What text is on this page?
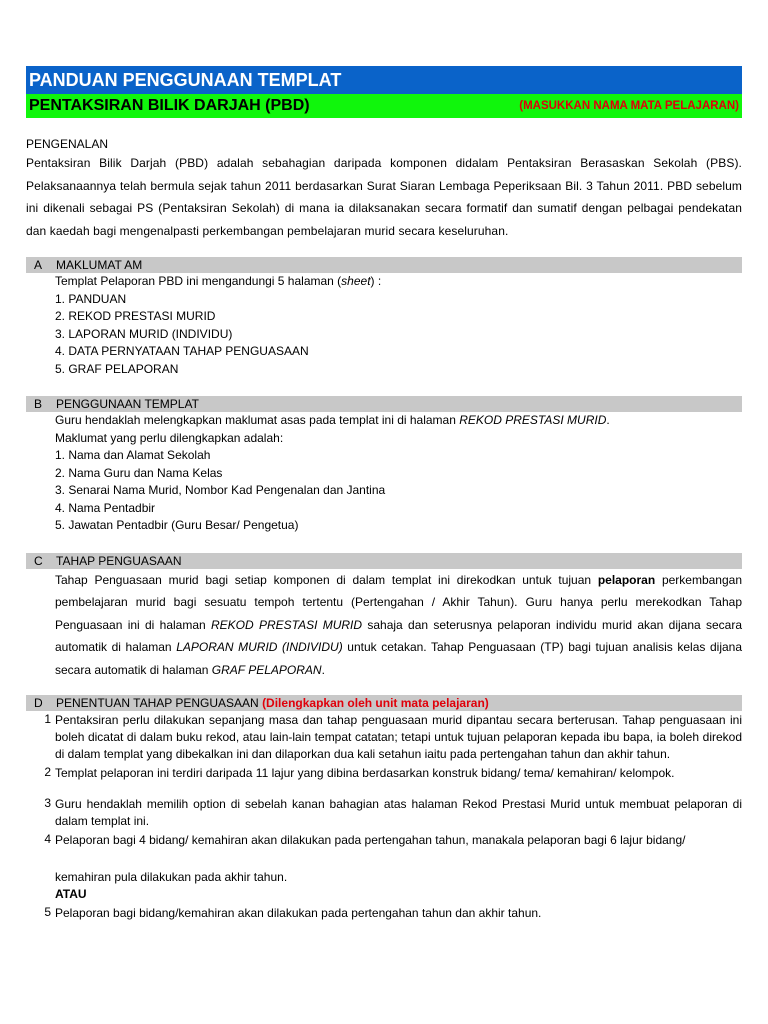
PANDUAN PENGGUNAAN TEMPLAT
PENTAKSIRAN BILIK DARJAH (PBD)	(MASUKKAN NAMA MATA PELAJARAN)
PENGENALAN

Pentaksiran Bilik Darjah (PBD) adalah sebahagian daripada komponen didalam Pentaksiran Berasaskan Sekolah (PBS).

Pelaksanaannya telah bermula sejak tahun 2011 berdasarkan Surat Siaran Lembaga Peperiksaan Bil. 3 Tahun 2011. PBD sebelum

ini dikenali sebagai PS (Pentaksiran Sekolah) di mana ia dilaksanakan secara formatif dan sumatif dengan pelbagai pendekatan

dan kaedah bagi mengenalpasti perkembangan pembelajaran murid secara keseluruhan.

A MAKLUMAT AM
Templat Pelaporan PBD ini mengandungi 5 halaman (sheet) :
1. PANDUAN
2. REKOD PRESTASI MURID
3. LAPORAN MURID (INDIVIDU)
4. DATA PERNYATAAN TAHAP PENGUASAAN
5. GRAF PELAPORAN
B PENGGUNAAN TEMPLAT
Guru hendaklah melengkapkan maklumat asas pada templat ini di halaman REKOD PRESTASI MURID.
Maklumat yang perlu dilengkapkan adalah:
1. Nama dan Alamat Sekolah
2. Nama Guru dan Nama Kelas
3. Senarai Nama Murid, Nombor Kad Pengenalan dan Jantina
4. Nama Pentadbir
5. Jawatan Pentadbir (Guru Besar/ Pengetua)
C TAHAP PENGUASAAN

Tahap Penguasaan murid bagi setiap komponen di dalam templat ini direkodkan untuk tujuan pelaporan perkembangan

pembelajaran murid bagi sesuatu tempoh tertentu (Pertengahan / Akhir Tahun). Guru hanya perlu merekodkan Tahap

Penguasaan ini di halaman REKOD PRESTASI MURID sahaja dan seterusnya pelaporan individu murid akan dijana secara

automatik di halaman LAPORAN MURID (INDIVIDU) untuk cetakan. Tahap Penguasaan (TP) bagi tujuan analisis kelas dijana

secara automatik di halaman GRAF PELAPORAN.

D PENENTUAN TAHAP PENGUASAAN (Dilengkapkan oleh unit mata pelajaran)
1 Pentaksiran perlu dilakukan sepanjang masa dan tahap penguasaan murid dipantau secara berterusan. Tahap penguasaan ini boleh dicatat di dalam buku rekod, atau lain-lain tempat catatan; tetapi untuk tujuan pelaporan kepada ibu bapa, ia boleh direkod di dalam templat yang dibekalkan ini dan dilaporkan dua kali setahun iaitu pada pertengahan tahun dan akhir tahun.

2 Templat pelaporan ini terdiri daripada 11 lajur yang dibina berdasarkan konstruk bidang/ tema/ kemahiran/ kelompok.

3 Guru hendaklah memilih option di sebelah kanan bahagian atas halaman Rekod Prestasi Murid untuk membuat pelaporan di dalam templat ini.

4 Pelaporan bagi 4 bidang/ kemahiran akan dilakukan pada pertengahan tahun, manakala pelaporan bagi 6 lajur bidang/

kemahiran pula dilakukan pada akhir tahun.

ATAU

5 Pelaporan bagi bidang/kemahiran akan dilakukan pada pertengahan tahun dan akhir tahun.
